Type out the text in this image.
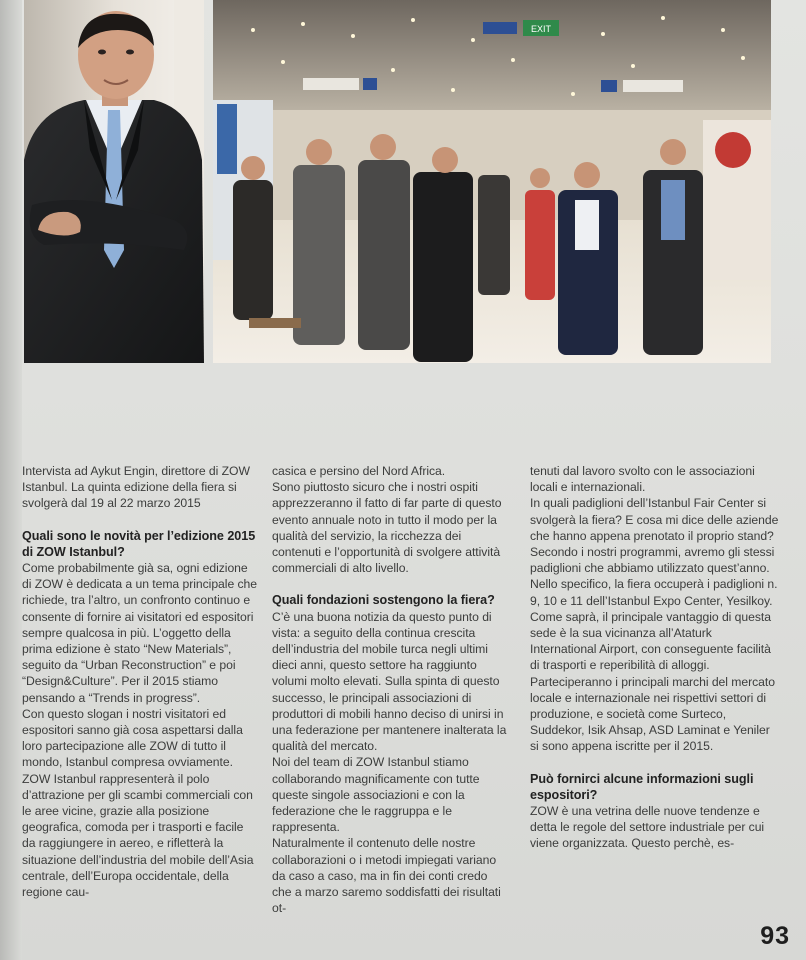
EXIT

Intervista ad Aykut Engin, direttore di ZOW Istanbul. La quinta edizione della fiera si svolgerà dal 19 al 22 marzo 2015

Quali sono le novità per l’edizione 2015 di ZOW Istanbul?

Come probabilmente già sa, ogni edizione di ZOW è dedicata a un tema principale che richiede, tra l’altro, un confronto continuo e consente di fornire ai visitatori ed espositori sempre qualcosa in più. L’oggetto della prima edizione è stato “New Materials”, seguito da “Urban Reconstruction” e poi “Design&Culture”. Per il 2015 stiamo pensando a “Trends in progress”.

Con questo slogan i nostri visitatori ed espositori sanno già cosa aspettarsi dalla loro partecipazione alle ZOW di tutto il mondo, Istanbul compresa ovviamente.

ZOW Istanbul rappresenterà il polo d’attrazione per gli scambi commerciali con le aree vicine, grazie alla posizione geografica, comoda per i trasporti e facile da raggiungere in aereo, e rifletterà la situazione dell’industria del mobile dell’Asia centrale, dell’Europa occidentale, della regione cau-

casica e persino del Nord Africa.

Sono piuttosto sicuro che i nostri ospiti apprezzeranno il fatto di far parte di questo evento annuale noto in tutto il modo per la qualità del servizio, la ricchezza dei contenuti e l’opportunità di svolgere attività commerciali di alto livello.

Quali fondazioni sostengono la fiera?

C’è una buona notizia da questo punto di vista: a seguito della continua crescita dell’industria del mobile turca negli ultimi dieci anni, questo settore ha raggiunto volumi molto elevati. Sulla spinta di questo successo, le principali associazioni di produttori di mobili hanno deciso di unirsi in una federazione per mantenere inalterata la qualità del mercato.

Noi del team di ZOW Istanbul stiamo collaborando magnificamente con tutte queste singole associazioni e con la federazione che le raggruppa e le rappresenta.

Naturalmente il contenuto delle nostre collaborazioni o i metodi impiegati variano da caso a caso, ma in fin dei conti credo che a marzo saremo soddisfatti dei risultati ot-

tenuti dal lavoro svolto con le associazioni locali e internazionali.

In quali padiglioni dell’Istanbul Fair Center si svolgerà la fiera? E cosa mi dice delle aziende che hanno appena prenotato il proprio stand?

Secondo i nostri programmi, avremo gli stessi padiglioni che abbiamo utilizzato quest’anno. Nello specifico, la fiera occuperà i padiglioni n. 9, 10 e 11 dell’Istanbul Expo Center, Yesilkoy. Come saprà, il principale vantaggio di questa sede è la sua vicinanza all’Ataturk International Airport, con conseguente facilità di trasporti e reperibilità di alloggi.

Parteciperanno i principali marchi del mercato locale e internazionale nei rispettivi settori di produzione, e società come Surteco, Suddekor, Isik Ahsap, ASD Laminat e Yeniler si sono appena iscritte per il 2015.

Può fornirci alcune informazioni sugli espositori?

ZOW è una vetrina delle nuove tendenze e detta le regole del settore industriale per cui viene organizzata. Questo perchè, es-

93
